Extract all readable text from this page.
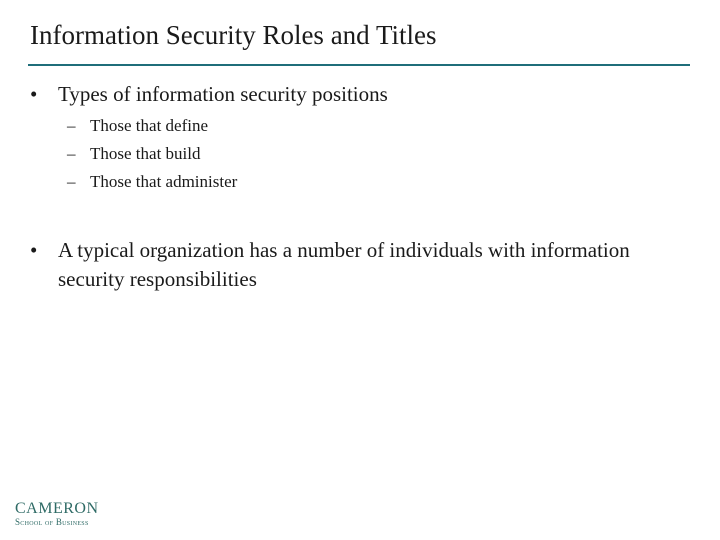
Information Security Roles and Titles
• Types of information security positions
– Those that define
– Those that build
– Those that administer
• A typical organization has a number of individuals with information security responsibilities
CAMERON
School of Business
